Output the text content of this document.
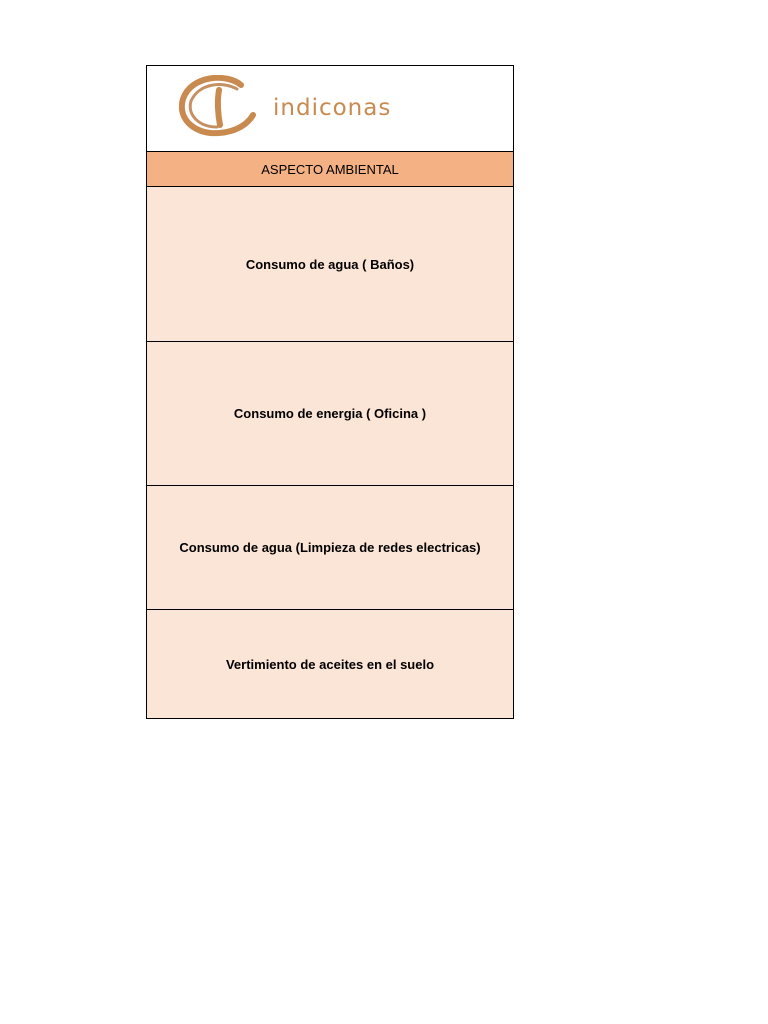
indiconas

ASPECTO AMBIENTAL
Consumo de agua ( Baños)
Consumo de energia ( Oficina )
Consumo de agua (Limpieza de redes electricas)
Vertimiento de aceites en el suelo
